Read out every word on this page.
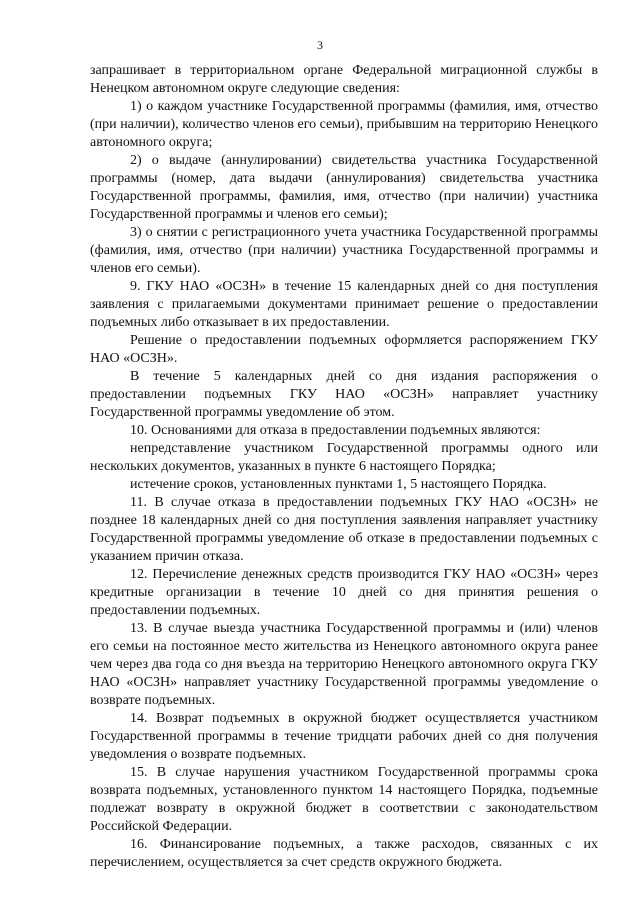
3

запрашивает в территориальном органе Федеральной миграционной службы в Ненецком автономном округе следующие сведения:

1) о каждом участнике Государственной программы (фамилия, имя, отчество (при наличии), количество членов его семьи), прибывшим на территорию Ненецкого автономного округа;

2) о выдаче (аннулировании) свидетельства участника Государственной программы (номер, дата выдачи (аннулирования) свидетельства участника Государственной программы, фамилия, имя, отчество (при наличии) участника Государственной программы и членов его семьи);

3) о снятии с регистрационного учета участника Государственной программы (фамилия, имя, отчество (при наличии) участника Государственной программы и членов его семьи).

9. ГКУ НАО «ОСЗН» в течение 15 календарных дней со дня поступления заявления с прилагаемыми документами принимает решение о предоставлении подъемных либо отказывает в их предоставлении.

Решение о предоставлении подъемных оформляется распоряжением ГКУ НАО «ОСЗН».

В течение 5 календарных дней со дня издания распоряжения о предоставлении подъемных ГКУ НАО «ОСЗН» направляет участнику Государственной программы уведомление об этом.

10. Основаниями для отказа в предоставлении подъемных являются:

непредставление участником Государственной программы одного или нескольких документов, указанных в пункте 6 настоящего Порядка;

истечение сроков, установленных пунктами 1, 5 настоящего Порядка.

11. В случае отказа в предоставлении подъемных ГКУ НАО «ОСЗН» не позднее 18 календарных дней со дня поступления заявления направляет участнику Государственной программы уведомление об отказе в предоставлении подъемных с указанием причин отказа.

12. Перечисление денежных средств производится ГКУ НАО «ОСЗН» через кредитные организации в течение 10 дней со дня принятия решения о предоставлении подъемных.

13. В случае выезда участника Государственной программы и (или) членов его семьи на постоянное место жительства из Ненецкого автономного округа ранее чем через два года со дня въезда на территорию Ненецкого автономного округа ГКУ НАО «ОСЗН» направляет участнику Государственной программы уведомление о возврате подъемных.

14. Возврат подъемных в окружной бюджет осуществляется участником Государственной программы в течение тридцати рабочих дней со дня получения уведомления о возврате подъемных.

15. В случае нарушения участником Государственной программы срока возврата подъемных, установленного пунктом 14 настоящего Порядка, подъемные подлежат возврату в окружной бюджет в соответствии с законодательством Российской Федерации.

16. Финансирование подъемных, а также расходов, связанных с их перечислением, осуществляется за счет средств окружного бюджета.
